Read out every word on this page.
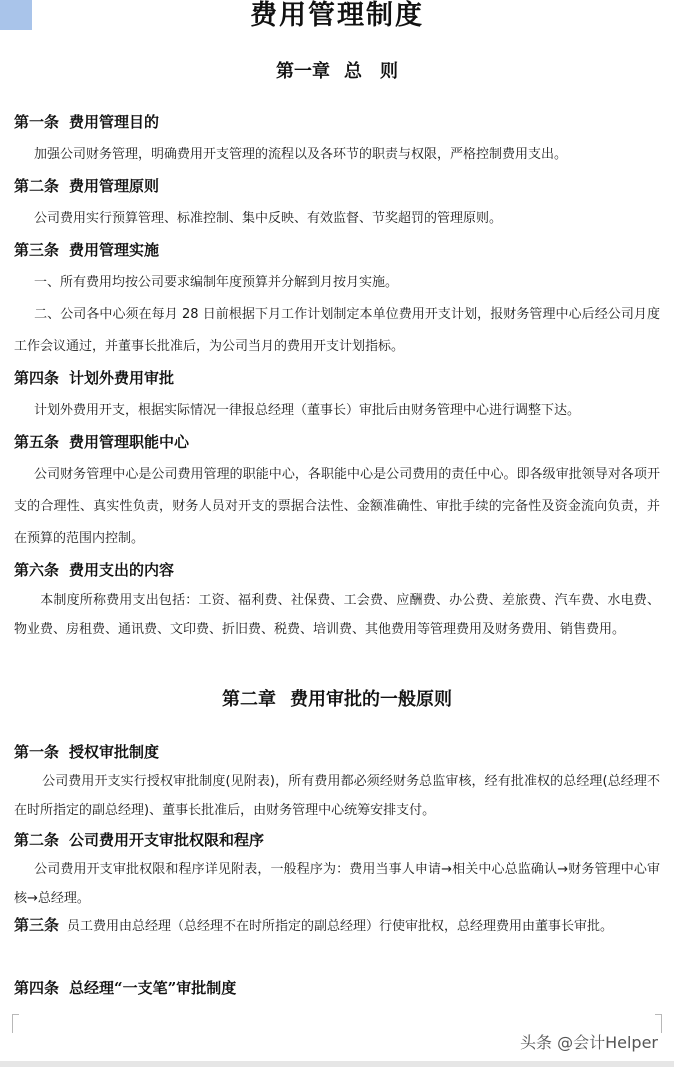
费用管理制度
第一章 总　则
第一条 费用管理目的
加强公司财务管理，明确费用开支管理的流程以及各环节的职责与权限，严格控制费用支出。
第二条 费用管理原则
公司费用实行预算管理、标准控制、集中反映、有效监督、节奖超罚的管理原则。
第三条 费用管理实施
一、所有费用均按公司要求编制年度预算并分解到月按月实施。
二、公司各中心须在每月 28 日前根据下月工作计划制定本单位费用开支计划，报财务管理中心后经公司月度工作会议通过，并董事长批准后，为公司当月的费用开支计划指标。
第四条 计划外费用审批
计划外费用开支，根据实际情况一律报总经理（董事长）审批后由财务管理中心进行调整下达。
第五条 费用管理职能中心
公司财务管理中心是公司费用管理的职能中心，各职能中心是公司费用的责任中心。即各级审批领导对各项开支的合理性、真实性负责，财务人员对开支的票据合法性、金额准确性、审批手续的完备性及资金流向负责，并在预算的范围内控制。
第六条 费用支出的内容
本制度所称费用支出包括：工资、福利费、社保费、工会费、应酬费、办公费、差旅费、汽车费、水电费、物业费、房租费、通讯费、文印费、折旧费、税费、培训费、其他费用等管理费用及财务费用、销售费用。
第二章 费用审批的一般原则
第一条 授权审批制度
公司费用开支实行授权审批制度(见附表)，所有费用都必须经财务总监审核，经有批准权的总经理(总经理不在时所指定的副总经理)、董事长批准后，由财务管理中心统筹安排支付。
第二条 公司费用开支审批权限和程序
公司费用开支审批权限和程序详见附表，一般程序为：费用当事人申请→相关中心总监确认→财务管理中心审核→总经理。
第三条 员工费用由总经理（总经理不在时所指定的副总经理）行使审批权，总经理费用由董事长审批。
第四条 总经理“一支笔”审批制度
头条 @会计Helper
